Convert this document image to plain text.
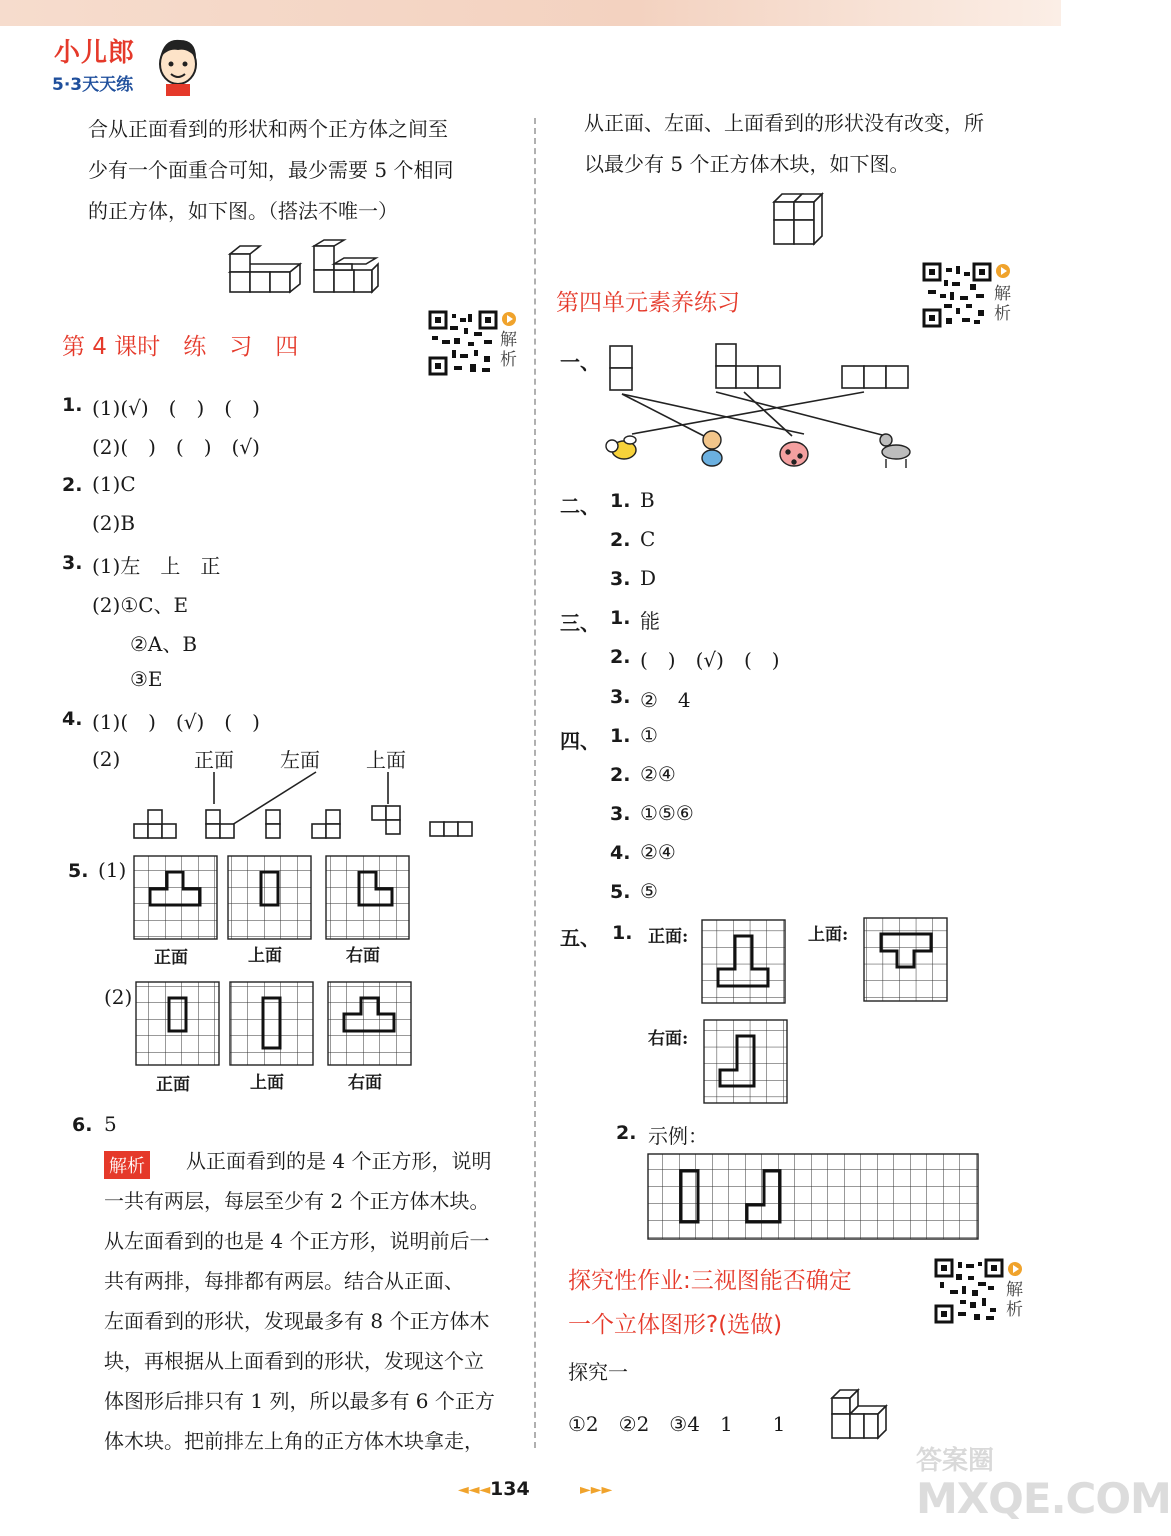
小儿郎
5·3天天练
合从正面看到的形状和两个正方体之间至
少有一个面重合可知，最少需要 5 个相同
的正方体，如下图。（搭法不唯一）
第 4 课时　练　习　四	解析
1. (1)(√)　(　)　(　)
(2)(　)　(　)　(√)
2. (1)C
(2)B
3. (1)左　上　正
(2)①C、E
②A、B
③E
4. (1)(　)　(√)　(　)
(2)	正面 左面 上面
5. (1)
(2)
正面	上面	右面
正面	上面	右面
6. 5
解析 从正面看到的是 4 个正方形，说明
一共有两层，每层至少有 2 个正方体木块。
从左面看到的也是 4 个正方形，说明前后一
共有两排，每排都有两层。结合从正面、
左面看到的形状，发现最多有 8 个正方体木
块，再根据从上面看到的形状，发现这个立
体图形后排只有 1 列，所以最多有 6 个正方
体木块。把前排左上角的正方体木块拿走，
从正面、左面、上面看到的形状没有改变，所
以最少有 5 个正方体木块，如下图。
第四单元素养练习	解析
一、
二、 1. B
2. C
3. D
三、 1. 能
2. (　)　(√)　(　)
3. ②　4
四、 1. ①
2. ②④
3. ①⑤⑥
4. ②④
5. ⑤
五、 1. 正面:	上面:
右面:
2. 示例：
探究性作业:三视图能否确定
一个立体图形?(选做)
解析
探究一
①2　②2　③4　1　　1
◄◄◄ 134	►►►
答案圈
MXQE.COM
